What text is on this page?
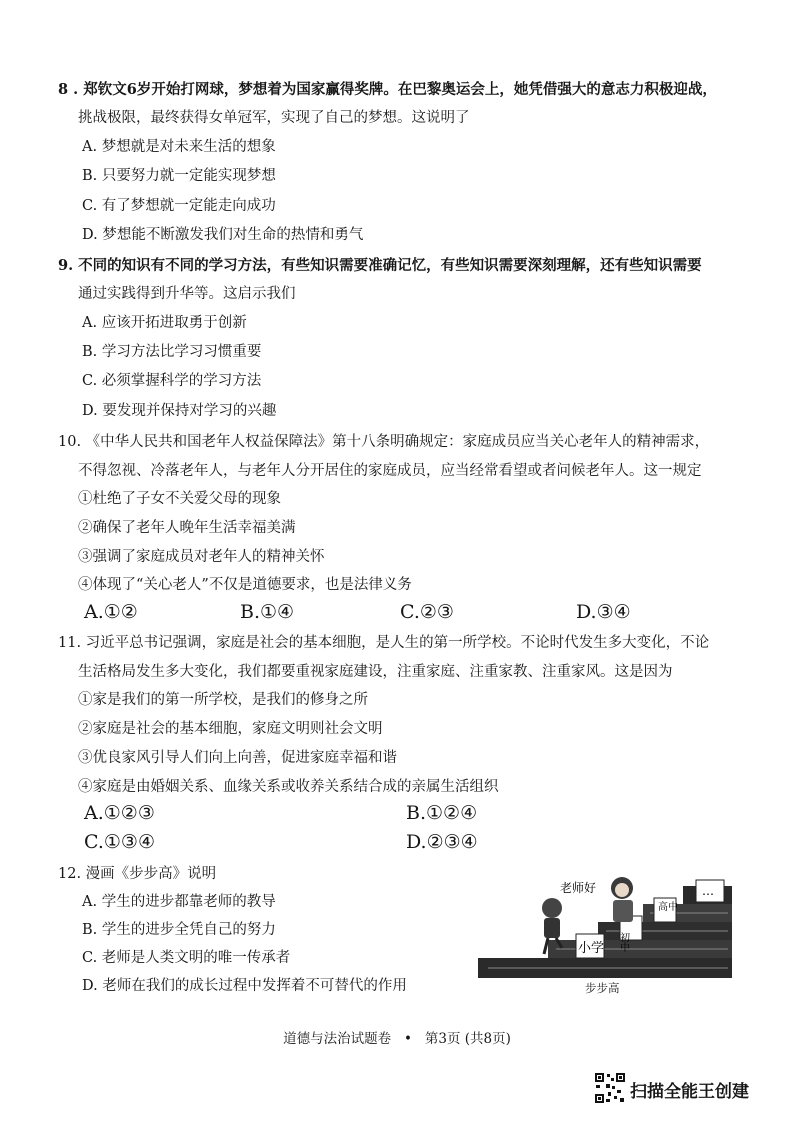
8 . 郑钦文6岁开始打网球，梦想着为国家赢得奖牌。在巴黎奥运会上，她凭借强大的意志力积极迎战，
挑战极限，最终获得女单冠军，实现了自己的梦想。这说明了
A. 梦想就是对未来生活的想象
B. 只要努力就一定能实现梦想
C. 有了梦想就一定能走向成功
D. 梦想能不断激发我们对生命的热情和勇气
9. 不同的知识有不同的学习方法，有些知识需要准确记忆，有些知识需要深刻理解，还有些知识需要
通过实践得到升华等。这启示我们
A. 应该开拓进取勇于创新
B. 学习方法比学习习惯重要
C. 必须掌握科学的学习方法
D. 要发现并保持对学习的兴趣
10. 《中华人民共和国老年人权益保障法》第十八条明确规定：家庭成员应当关心老年人的精神需求，
不得忽视、冷落老年人，与老年人分开居住的家庭成员，应当经常看望或者问候老年人。这一规定
①杜绝了子女不关爱父母的现象
②确保了老年人晚年生活幸福美满
③强调了家庭成员对老年人的精神关怀
④体现了“关心老人”不仅是道德要求，也是法律义务
A.①②	B.①④	C.②③	D.③④
11. 习近平总书记强调，家庭是社会的基本细胞，是人生的第一所学校。不论时代发生多大变化，不论
生活格局发生多大变化，我们都要重视家庭建设，注重家庭、注重家教、注重家风。这是因为
①家是我们的第一所学校，是我们的修身之所
②家庭是社会的基本细胞，家庭文明则社会文明
③优良家风引导人们向上向善，促进家庭幸福和谐
④家庭是由婚姻关系、血缘关系或收养关系结合成的亲属生活组织
A.①②③	B.①②④
C.①③④	D.②③④
12. 漫画《步步高》说明
A. 学生的进步都靠老师的教导
B. 学生的进步全凭自己的努力
C. 老师是人类文明的唯一传承者
D. 老师在我们的成长过程中发挥着不可替代的作用
小学 初中
高中
…
老师好
步步高
道德与法治试题卷   •   第3页 (共8页)
扫描全能王创建
